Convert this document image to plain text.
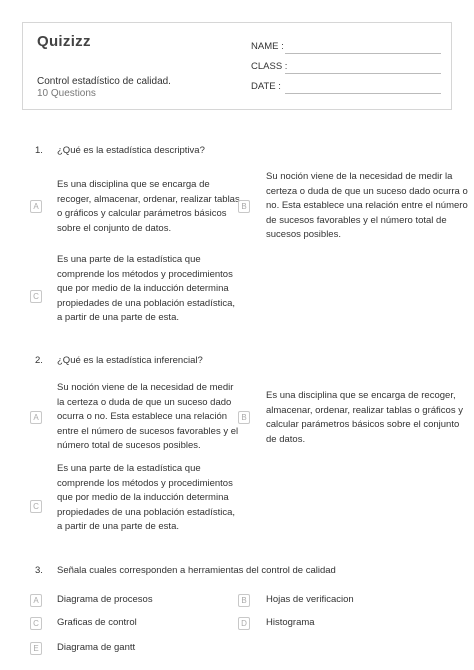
Quizizz
Control estadístico de calidad.
10 Questions
NAME :
CLASS :
DATE :
1. ¿Qué es la estadística descriptiva?
A
Es una disciplina que se encarga de recoger, almacenar, ordenar, realizar tablas o gráficos y calcular parámetros básicos sobre el conjunto de datos.
B
Su noción viene de la necesidad de medir la certeza o duda de que un suceso dado ocurra o no. Esta establece una relación entre el número de sucesos favorables y el número total de sucesos posibles.
C
Es una parte de la estadística que comprende los métodos y procedimientos que por medio de la inducción determina propiedades de una población estadística, a partir de una parte de esta.
2. ¿Qué es la estadística inferencial?
A
Su noción viene de la necesidad de medir la certeza o duda de que un suceso dado ocurra o no. Esta establece una relación entre el número de sucesos favorables y el número total de sucesos posibles.
B
Es una disciplina que se encarga de recoger, almacenar, ordenar, realizar tablas o gráficos y calcular parámetros básicos sobre el conjunto de datos.
C
Es una parte de la estadística que comprende los métodos y procedimientos que por medio de la inducción determina propiedades de una población estadística, a partir de una parte de esta.
3. Señala cuales corresponden a herramientas del control de calidad
A	Diagrama de procesos	B	Hojas de verificacion
C	Graficas de control	D	Histograma
E	Diagrama de gantt
